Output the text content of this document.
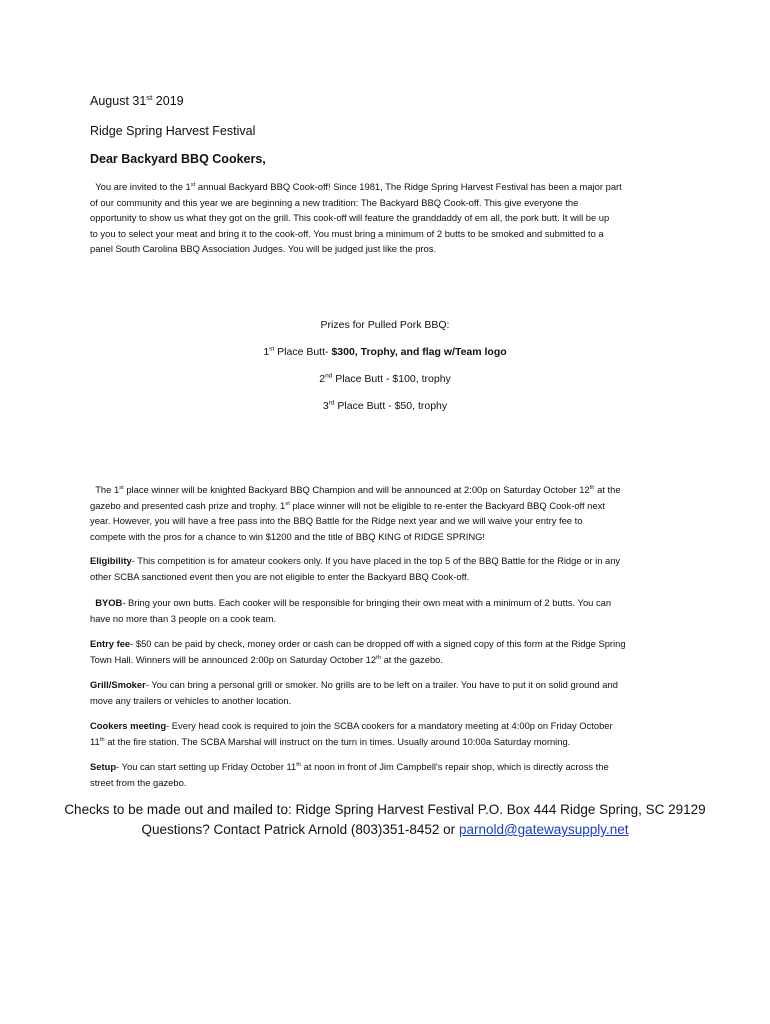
August 31st 2019
Ridge Spring Harvest Festival
Dear Backyard BBQ Cookers,
You are invited to the 1st annual Backyard BBQ Cook-off! Since 1981, The Ridge Spring Harvest Festival has been a major part
of our community and this year we are beginning a new tradition: The Backyard BBQ Cook-off. This give everyone the
opportunity to show us what they got on the grill. This cook-off will feature the granddaddy of em all, the pork butt. It will be up
to you to select your meat and bring it to the cook-off. You must bring a minimum of 2 butts to be smoked and submitted to a
panel South Carolina BBQ Association Judges. You will be judged just like the pros.
Prizes for Pulled Pork BBQ:
1st Place Butt- $300, Trophy, and flag w/Team logo
2nd Place Butt - $100, trophy
3rd Place Butt - $50, trophy
The 1st place winner will be knighted Backyard BBQ Champion and will be announced at 2:00p on Saturday October 12th at the
gazebo and presented cash prize and trophy. 1st place winner will not be eligible to re-enter the Backyard BBQ Cook-off next
year. However, you will have a free pass into the BBQ Battle for the Ridge next year and we will waive your entry fee to
compete with the pros for a chance to win $1200 and the title of BBQ KING of RIDGE SPRING!
Eligibility- This competition is for amateur cookers only. If you have placed in the top 5 of the BBQ Battle for the Ridge or in any
other SCBA sanctioned event then you are not eligible to enter the Backyard BBQ Cook-off.
BYOB- Bring your own butts. Each cooker will be responsible for bringing their own meat with a minimum of 2 butts. You can
have no more than 3 people on a cook team.
Entry fee- $50 can be paid by check, money order or cash can be dropped off with a signed copy of this form at the Ridge Spring
Town Hall. Winners will be announced 2:00p on Saturday October 12th at the gazebo.
Grill/Smoker- You can bring a personal grill or smoker. No grills are to be left on a trailer. You have to put it on solid ground and
move any trailers or vehicles to another location.
Cookers meeting- Every head cook is required to join the SCBA cookers for a mandatory meeting at 4:00p on Friday October
11th at the fire station. The SCBA Marshal will instruct on the turn in times. Usually around 10:00a Saturday morning.
Setup- You can start setting up Friday October 11th at noon in front of Jim Campbell's repair shop, which is directly across the
street from the gazebo.
Checks to be made out and mailed to: Ridge Spring Harvest Festival P.O. Box 444 Ridge Spring, SC 29129
Questions? Contact Patrick Arnold (803)351-8452 or parnold@gatewaysupply.net
